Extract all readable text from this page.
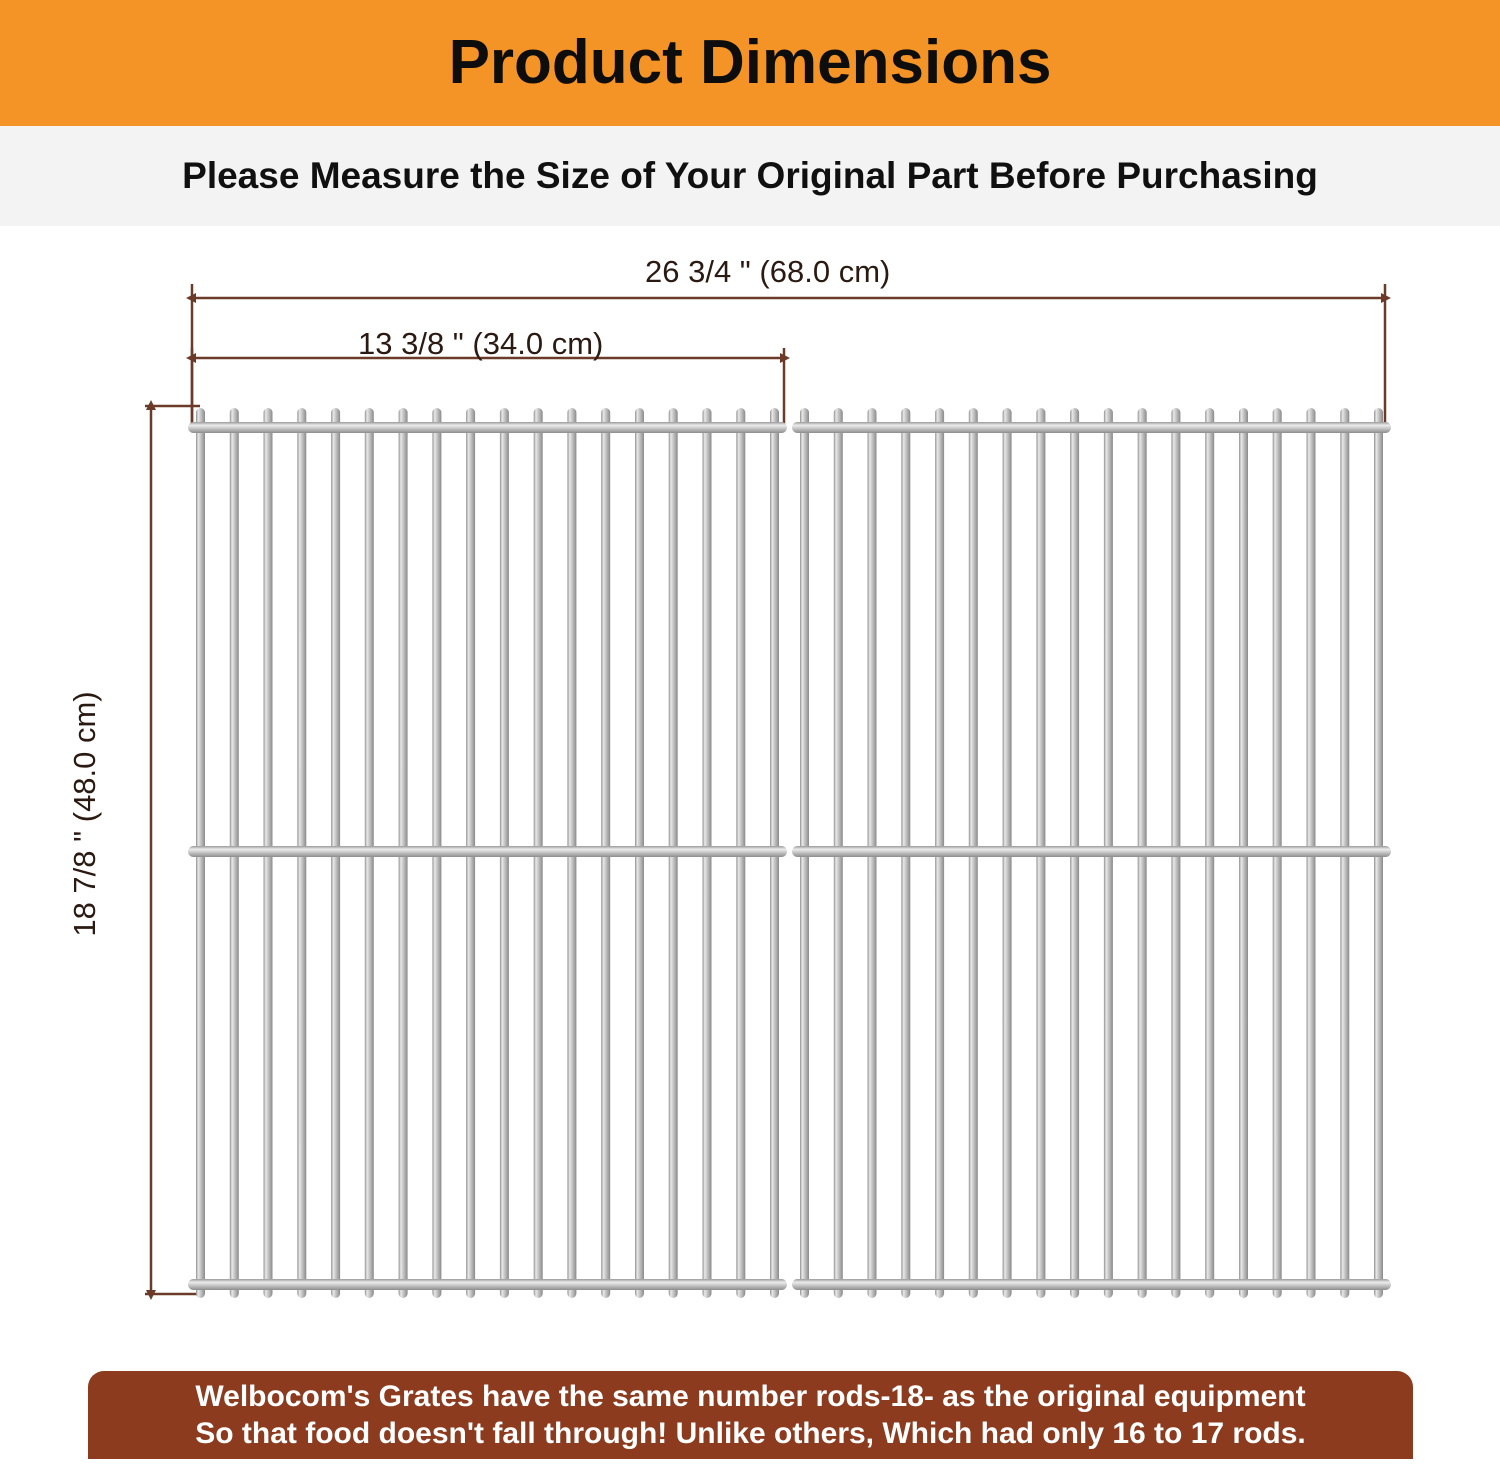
Product Dimensions
Please Measure the Size of Your Original Part Before Purchasing
26 3/4 " (68.0 cm)
13 3/8 " (34.0 cm)
18 7/8 " (48.0 cm)
Welbocom's Grates have the same number rods-18- as the original equipment
So that food doesn't fall through! Unlike others, Which had only 16 to 17 rods.
